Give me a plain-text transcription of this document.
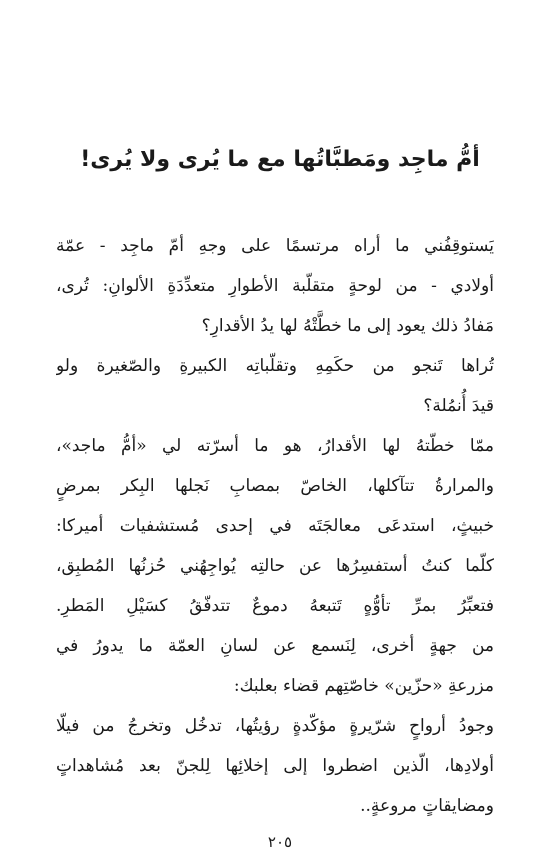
أمُّ ماجِد ومَطبَّاتُها مع ما يُرى ولا يُرى!
يَستوقِفُني ما أراه مرتسمًا على وجهِ أمّ ماجِد - عمّة
أولادي - من لوحةٍ متقلّبة الأطوارِ متعدِّدَةِ الألوانِ: تُرى،
مَفادُ ذلك يعود إلى ما خطَّتْهُ لها يدُ الأقدارِ؟
تُراها تَنجو من حكَمِهِ وتقلّباتِه الكبيرةِ والصّغيرة ولو
قيدَ أُنمُلة؟
ممّا خطّتهُ لها الأقدارُ، هو ما أسرّته لي «أمُّ ماجد»،
والمرارةُ تتآكلها، الخاصّ بمصابِ نَجلها البِكر بمرضٍ
خبيثٍ، استدعَى معالجَتَه في إحدى مُستشفيات أميركا:
كلّما كنتُ أستفسِرُها عن حالتِه يُواجِهُني حُزنُها المُطبِق،
فتعبِّرُ بمرِّ تأوُّهٍ تَتبعهُ دموعٌ تتدفّقُ كسَيْلِ المَطرِ.
من جهةٍ أخرى، لِنَسمع عن لسانِ العمّة ما يدورُ في
مزرعةِ «حزّين» خاصّتِهم قضاء بعلبك:
وجودُ أرواحٍ شرّيرةٍ مؤكّدةٍ رؤيتُها، تدخُل وتخرجُ من فيلّا
أولادِها، الّذين اضطروا إلى إخلائِها لِلجنّ بعد مُشاهداتٍ
ومضايقاتٍ مروعةٍ..
٢٠٥
